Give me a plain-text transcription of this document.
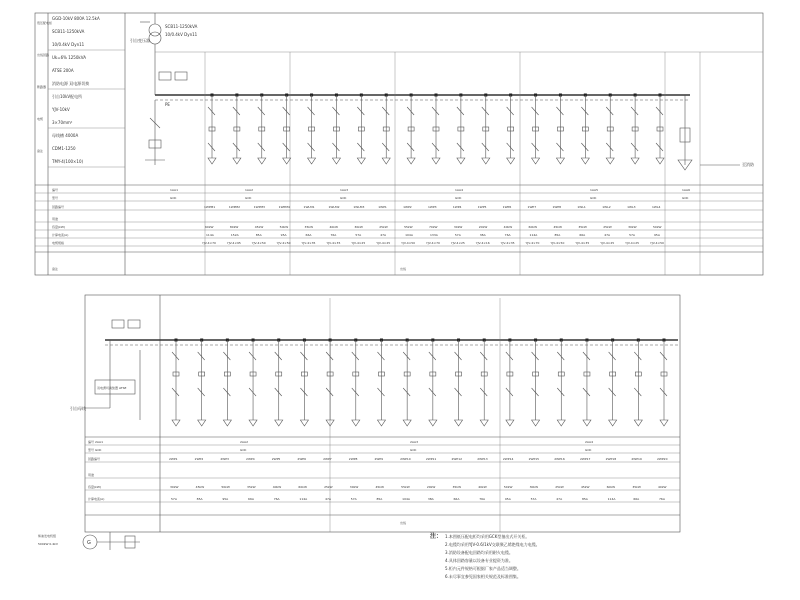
GGD-10kV 800A 12.5kA
SCB11-1250kVA
10/0.4kV Dyn11
Uk=6% 1250kVA
ATSE 200A
消防电源 双电源切换
引自10kV配电所
YJV-10kV
3×70mm²
母线槽 4000A
CDM1-1250
TMY-4(100×10)
低压配电柜
出线回路
断路器
电缆
备注
引自变压器
SCB11-1250kVA
10/0.4kV Dyn11
PE
至消防
编号
型号
回路编号
用途
容量(kW)
计算电流(A)
电缆规格
1AA1
GCK
1AA2
GCK
1AA3
GCK
1AA4
GCK
1AA5
GCK
1AA6
GCK
1WPM1
60kW
114A
YJV-4×70
1WPM2
80kW
152A
YJV-4×95
1WPM3
45kW
85A
YJV-4×50
1WPM4
50kW
95A
YJV-4×50
1WLM1
35kW
66A
YJV-4×35
1WLM2
40kW
76A
YJV-4×35
1WLM3
30kW
57A
YJV-4×25
1WP1
25kW
47A
YJV-4×25
1WP2
55kW
104A
YJV-4×50
1WP3
70kW
133A
YJV-4×70
1WP4
30kW
57A
YJV-4×25
1WP5
20kW
38A
YJV-4×16
1WP6
40kW
76A
YJV-4×35
1WP7
60kW
114A
YJV-4×70
1WP8
45kW
85A
YJV-4×50
1WL1
35kW
66A
YJV-4×35
1WL2
25kW
47A
YJV-4×25
1WL3
30kW
57A
YJV-4×25
1WL4
50kW
95A
YJV-4×50
备注	出线
双电源切换装置 ATSE
引自母线
编号
型号
回路编号
用途
容量(kW)
计算电流(A)
2AA1
GCK
2AA2
GCK
2AA3
GCK
2AA4
GCK
2WP1
30kW
57A
2WP2
45kW
85A
2WP3
50kW
95A
2WP4
35kW
66A
2WP5
40kW
76A
2WP6
60kW
114A
2WP7
25kW
47A
2WP8
30kW
57A
2WP9
45kW
85A
2WP10
55kW
104A
2WP11
20kW
38A
2WP12
35kW
66A
2WP13
40kW
76A
2WP14
50kW
95A
2WP15
30kW
57A
2WP16
25kW
47A
2WP17
45kW
85A
2WP18
60kW
114A
2WP19
35kW
66A
2WP20
40kW
76A
出线
G
柴油发电机组
500kW 0.4kV
注： 1.本图低压配电柜均采用GCK型抽出式开关柜。
2.电缆均采用YJV-0.6/1kV交联聚乙烯绝缘电力电缆。
3.消防设备配电回路均采用耐火电缆。
4.具体回路容量以设备专业提资为准。
5.柜内元件规格可根据厂家产品适当调整。
6.未尽事宜参见国家相关规范及标准图集。
